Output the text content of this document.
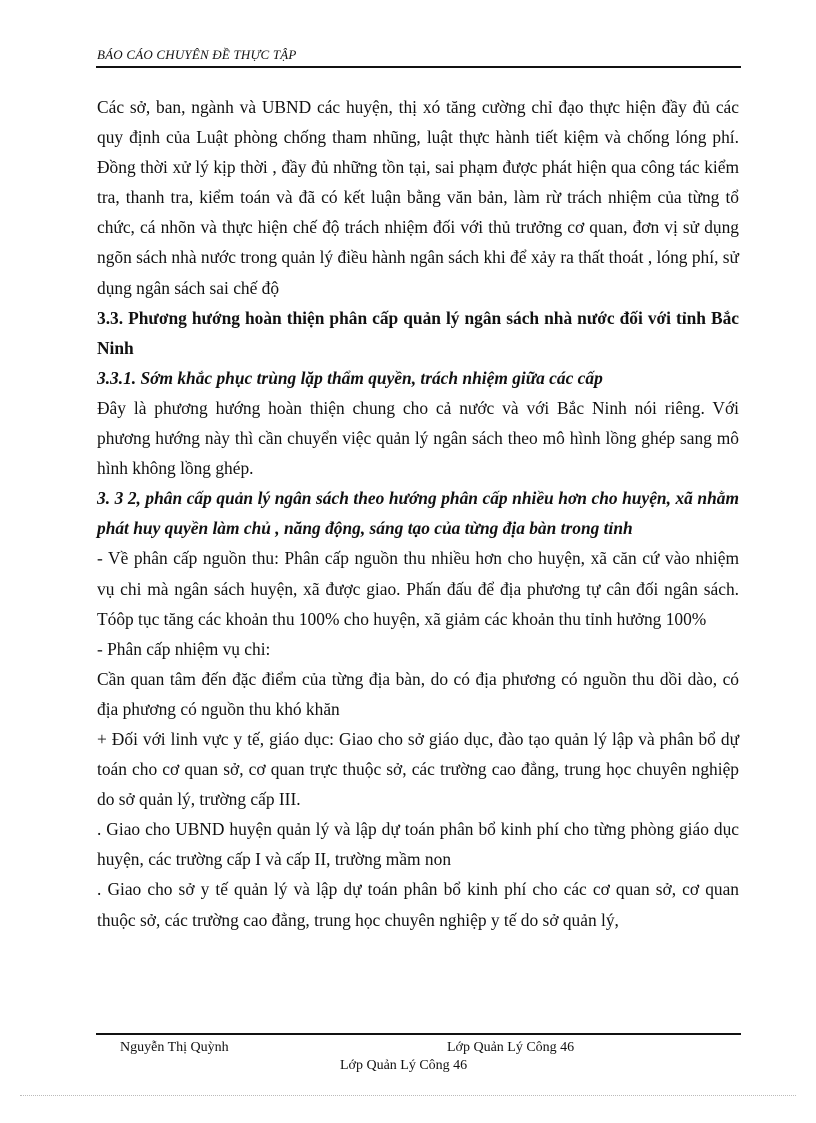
BÁO CÁO CHUYÊN ĐỀ THỰC TẬP

Các sở, ban, ngành và UBND các huyện, thị xó tăng cường chỉ đạo thực hiện đầy đủ các quy định của Luật phòng chống tham nhũng, luật thực hành tiết kiệm và chống lóng phí. Đồng thời xử lý kịp thời , đầy đủ những tồn tại, sai phạm được phát hiện qua công tác kiểm tra, thanh tra, kiểm toán và đã có kết luận bằng văn bản, làm rừ trách nhiệm của từng tổ chức, cá nhõn và thực hiện chế độ trách nhiệm đối với thủ trưởng cơ quan, đơn vị sử dụng ngõn sách nhà nước trong quản lý điều hành ngân sách khi để xảy ra thất thoát , lóng phí, sử dụng ngân sách sai chế độ

3.3. Phương hướng hoàn thiện phân cấp quản lý ngân sách nhà nước đối với tỉnh Bắc Ninh

3.3.1. Sớm khắc phục trùng lặp thẩm quyền, trách nhiệm giữa các cấp

Đây là phương hướng hoàn thiện chung cho cả nước và với Bắc Ninh nói riêng. Với phương hướng này thì cần chuyển việc quản lý ngân sách theo mô hình lồng ghép sang mô hình không lồng ghép.

3. 3 2, phân cấp quản lý ngân sách theo hướng phân cấp nhiều hơn cho huyện, xã nhằm phát huy quyền làm chủ , năng động, sáng tạo của từng địa bàn trong tỉnh

- Về phân cấp nguồn thu: Phân cấp nguồn thu nhiều hơn cho huyện, xã căn cứ vào nhiệm vụ chi mà ngân sách huyện, xã được giao. Phấn đấu để địa phương tự cân đối ngân sách. Tóôp tục tăng các khoản thu 100% cho huyện, xã giảm các khoản thu tỉnh hưởng 100%

- Phân cấp nhiệm vụ chi:

Cần quan tâm đến đặc điểm của từng địa bàn, do có địa phương có nguồn thu dồi dào, có địa phương có nguồn thu khó khăn

+ Đối với linh vực y tế, giáo dục: Giao cho sở giáo dục, đào tạo quản lý lập và phân bổ dự toán cho cơ quan sở, cơ quan trực thuộc sở, các trường cao đẳng, trung học chuyên nghiệp do sở quản lý, trường cấp III.

. Giao cho UBND huyện quản lý và lập dự toán phân bổ kinh phí cho từng phòng giáo dục huyện, các trường cấp I và cấp II, trường mầm non

. Giao cho sở y tế quản lý và lập dự toán phân bổ kinh phí cho các cơ quan sở, cơ quan thuộc sở, các trường cao đẳng, trung học chuyên nghiệp y tế do sở quản lý,

Nguyễn Thị Quỳnh	Lớp Quản Lý Công 46
Lớp Quản Lý Công 46
